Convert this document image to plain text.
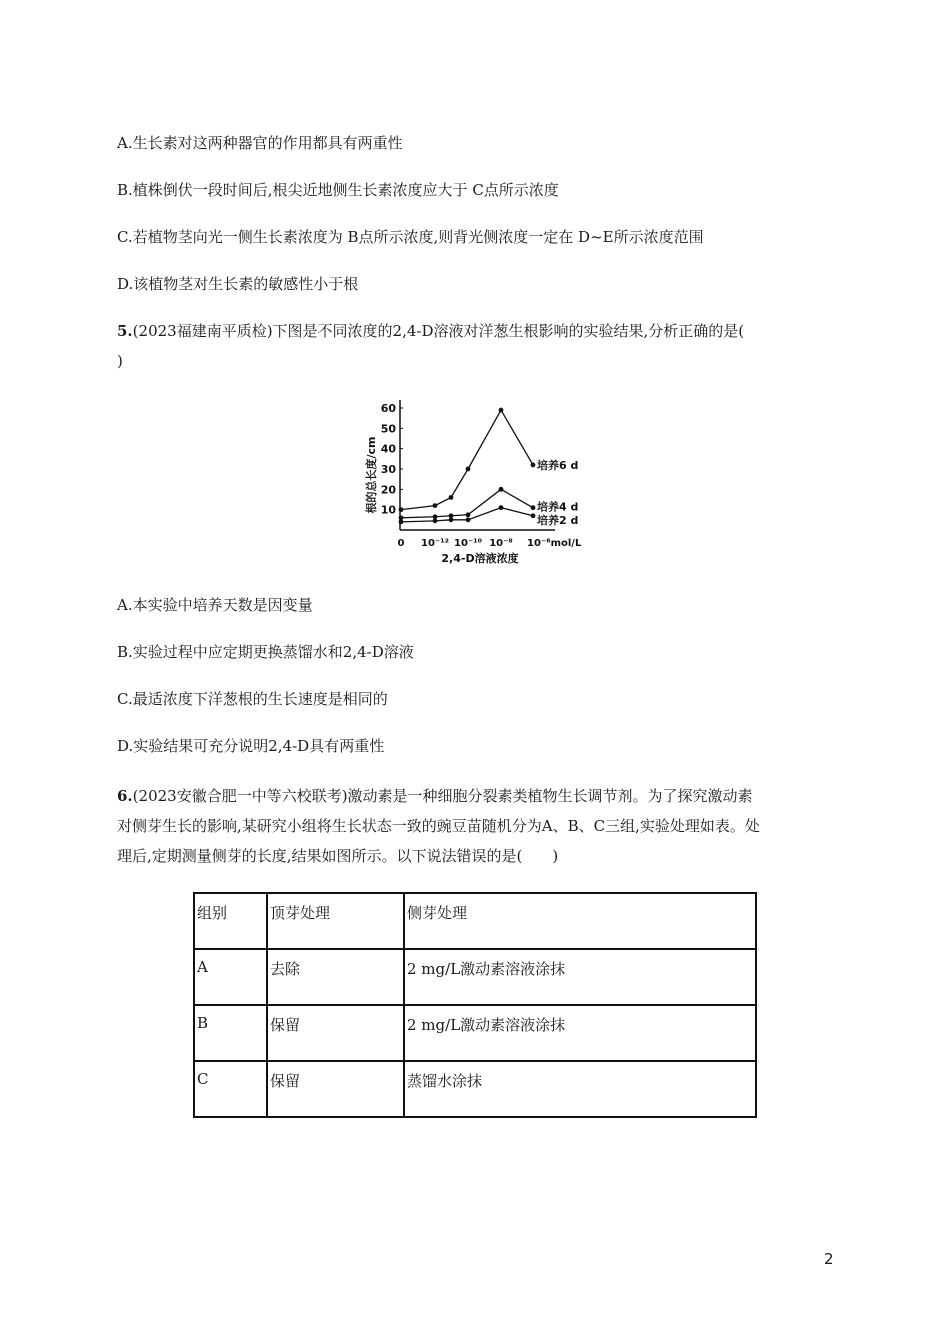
A.生长素对这两种器官的作用都具有两重性
B.植株倒伏一段时间后,根尖近地侧生长素浓度应大于 C点所示浓度
C.若植物茎向光一侧生长素浓度为 B点所示浓度,则背光侧浓度一定在 D~E所示浓度范围
D.该植物茎对生长素的敏感性小于根
5.(2023福建南平质检)下图是不同浓度的2,4-D溶液对洋葱生根影响的实验结果,分析正确的是(
)
10
20
30
40
50
60
0 10⁻¹² 10⁻¹⁰ 10⁻⁸ 10⁻⁶mol/L
根的总长度/cm
2,4-D溶液浓度
培养6 d
培养4 d
培养2 d
A.本实验中培养天数是因变量
B.实验过程中应定期更换蒸馏水和2,4-D溶液
C.最适浓度下洋葱根的生长速度是相同的
D.实验结果可充分说明2,4-D具有两重性
6.(2023安徽合肥一中等六校联考)激动素是一种细胞分裂素类植物生长调节剂。为了探究激动素
对侧芽生长的影响,某研究小组将生长状态一致的豌豆苗随机分为A、B、C三组,实验处理如表。处
理后,定期测量侧芽的长度,结果如图所示。以下说法错误的是(　　)
组别	顶芽处理	侧芽处理
A	去除	2 mg/L激动素溶液涂抹
B	保留	2 mg/L激动素溶液涂抹
C	保留	蒸馏水涂抹
2
